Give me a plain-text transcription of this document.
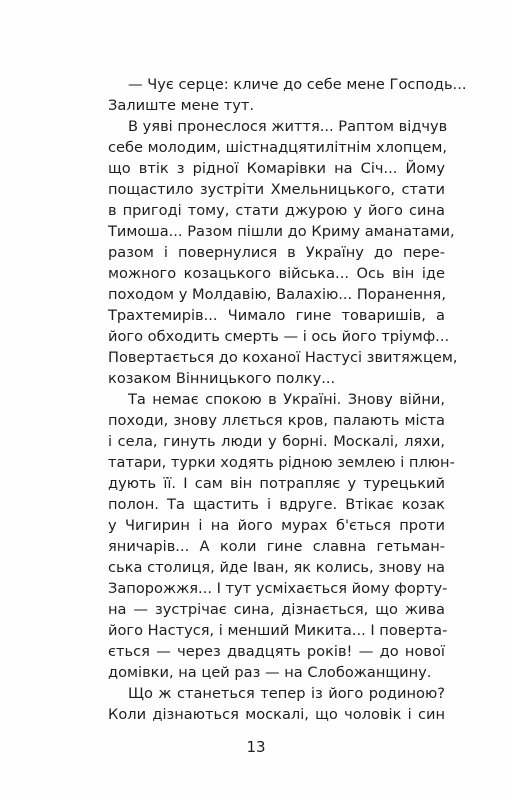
— Чує серце: кличе до себе мене Господь...
Залиште мене тут.
В уяві пронеслося життя... Раптом відчув
себе молодим, шістнадцятилітнім хлопцем,
що втік з рідної Комарівки на Січ... Йому
пощастило зустріти Хмельницького, стати
в пригоді тому, стати джурою у його сина
Тимоша... Разом пішли до Криму аманатами,
разом і повернулися в Україну до пере-
можного козацького війська... Ось він іде
походом у Молдавію, Валахію... Поранення,
Трахтемирів... Чимало гине товаришів, а
його обходить смерть — і ось його тріумф...
Повертається до коханої Настусі звитяжцем,
козаком Вінницького полку...
Та немає спокою в Україні. Знову війни,
походи, знову ллється кров, палають міста
і села, гинуть люди у борні. Москалі, ляхи,
татари, турки ходять рідною землею і плюн-
дують її. І сам він потрапляє у турецький
полон. Та щастить і вдруге. Втікає козак
у Чигирин і на його мурах б'ється проти
яничарів... А коли гине славна гетьман-
ська столиця, йде Іван, як колись, знову на
Запорожжя... І тут усміхається йому форту-
на — зустрічає сина, дізнається, що жива
його Настуся, і менший Микита... І поверта-
ється — через двадцять років! — до нової
домівки, на цей раз — на Слобожанщину.
Що ж станеться тепер із його родиною?
Коли дізнаються москалі, що чоловік і син
13
